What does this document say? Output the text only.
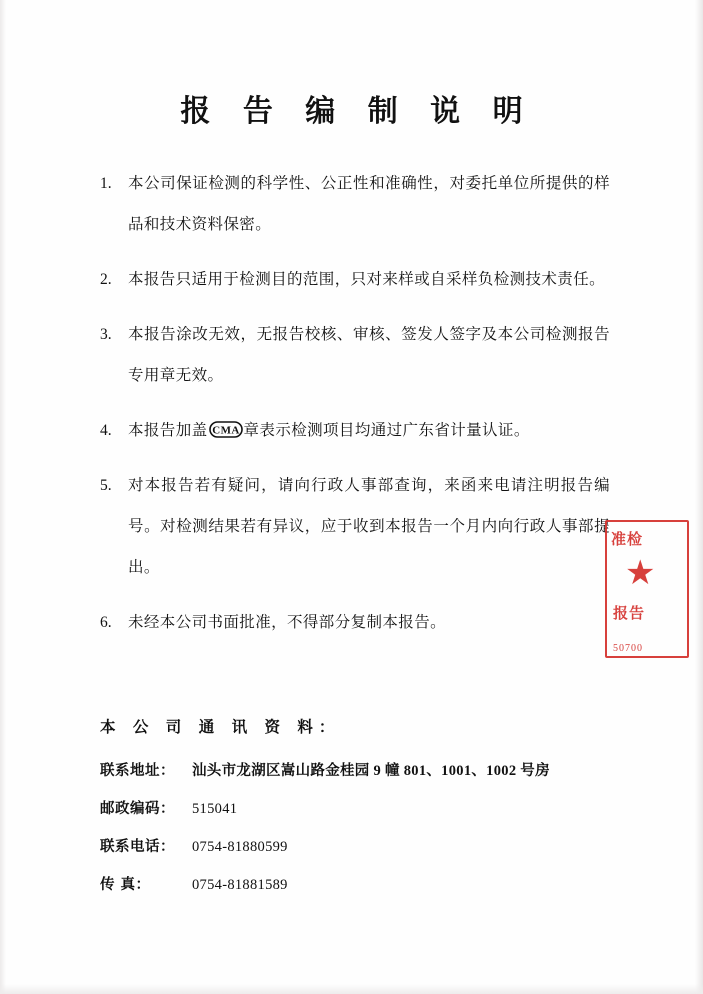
报 告 编 制 说 明
1.	本公司保证检测的科学性、公正性和准确性，对委托单位所提供的样品和技术资料保密。
2.	本报告只适用于检测目的范围，只对来样或自采样负检测技术责任。
3.	本报告涂改无效，无报告校核、审核、签发人签字及本公司检测报告专用章无效。
4.	本报告加盖 CMA 章表示检测项目均通过广东省计量认证。
5.	对本报告若有疑问，请向行政人事部查询，来函来电请注明报告编号。对检测结果若有异议，应于收到本报告一个月内向行政人事部提出。
6.	未经本公司书面批准，不得部分复制本报告。
准检
★
报告
50700
本 公 司 通 讯 资 料：
联系地址：	汕头市龙湖区嵩山路金桂园 9 幢 801、1001、1002 号房
邮政编码：	515041
联系电话：	0754-81880599
传 真：	0754-81881589
